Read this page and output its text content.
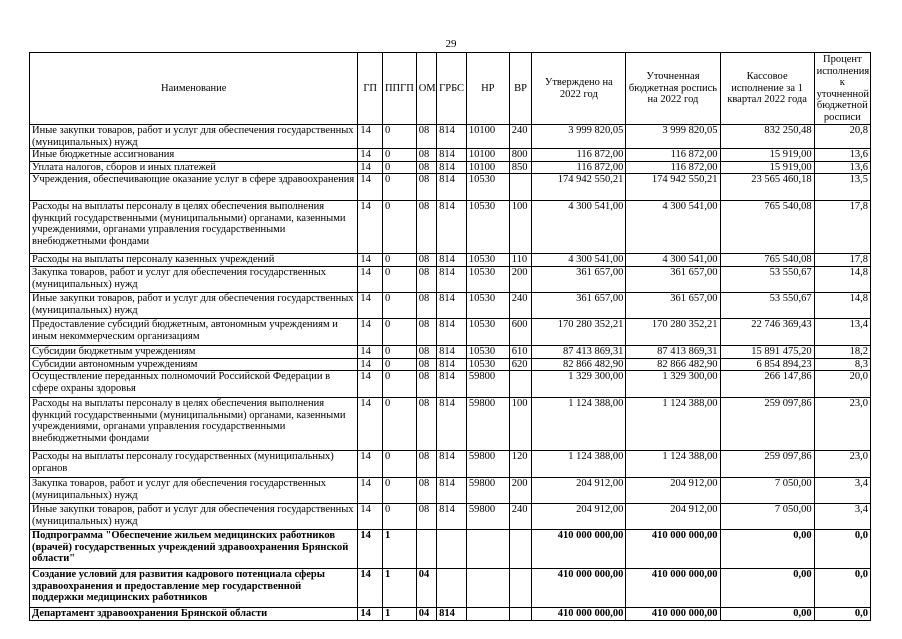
29
Наименование	ГП	ППГП	ОМ	ГРБС	НР	ВР	Утверждено на 2022 год	Уточненная бюджетная роспись на 2022 год	Кассовое исполнение за 1 квартал 2022 года	Процент исполнения к уточненной бюджетной росписи
Иные закупки товаров, работ и услуг для обеспечения государственных (муниципальных) нужд	14	0	08	814	10100	240	3 999 820,05	3 999 820,05	832 250,48	20,8
Иные бюджетные ассигнования	14	0	08	814	10100	800	116 872,00	116 872,00	15 919,00	13,6
Уплата налогов, сборов и иных платежей	14	0	08	814	10100	850	116 872,00	116 872,00	15 919,00	13,6
Учреждения, обеспечивающие оказание услуг в сфере здравоохранения	14	0	08	814	10530		174 942 550,21	174 942 550,21	23 565 460,18	13,5
Расходы на выплаты персоналу в целях обеспечения выполнения функций государственными (муниципальными) органами, казенными учреждениями, органами управления государственными внебюджетными фондами	14	0	08	814	10530	100	4 300 541,00	4 300 541,00	765 540,08	17,8
Расходы на выплаты персоналу казенных учреждений	14	0	08	814	10530	110	4 300 541,00	4 300 541,00	765 540,08	17,8
Закупка товаров, работ и услуг для обеспечения государственных (муниципальных) нужд	14	0	08	814	10530	200	361 657,00	361 657,00	53 550,67	14,8
Иные закупки товаров, работ и услуг для обеспечения государственных (муниципальных) нужд	14	0	08	814	10530	240	361 657,00	361 657,00	53 550,67	14,8
Предоставление субсидий бюджетным, автономным учреждениям и иным некоммерческим организациям	14	0	08	814	10530	600	170 280 352,21	170 280 352,21	22 746 369,43	13,4
Субсидии бюджетным учреждениям	14	0	08	814	10530	610	87 413 869,31	87 413 869,31	15 891 475,20	18,2
Субсидии автономным учреждениям	14	0	08	814	10530	620	82 866 482,90	82 866 482,90	6 854 894,23	8,3
Осуществление переданных полномочий Российской Федерации в сфере охраны здоровья	14	0	08	814	59800		1 329 300,00	1 329 300,00	266 147,86	20,0
Расходы на выплаты персоналу в целях обеспечения выполнения функций государственными (муниципальными) органами, казенными учреждениями, органами управления государственными внебюджетными фондами	14	0	08	814	59800	100	1 124 388,00	1 124 388,00	259 097,86	23,0
Расходы на выплаты персоналу государственных (муниципальных) органов	14	0	08	814	59800	120	1 124 388,00	1 124 388,00	259 097,86	23,0
Закупка товаров, работ и услуг для обеспечения государственных (муниципальных) нужд	14	0	08	814	59800	200	204 912,00	204 912,00	7 050,00	3,4
Иные закупки товаров, работ и услуг для обеспечения государственных (муниципальных) нужд	14	0	08	814	59800	240	204 912,00	204 912,00	7 050,00	3,4
Подпрограмма "Обеспечение жильем медицинских работников (врачей) государственных учреждений здравоохранения Брянской области"	14	1					410 000 000,00	410 000 000,00	0,00	0,0
Создание условий для развития кадрового потенциала сферы здравоохранения и предоставление мер государственной поддержки медицинских работников	14	1	04				410 000 000,00	410 000 000,00	0,00	0,0
Департамент здравоохранения Брянской области	14	1	04	814			410 000 000,00	410 000 000,00	0,00	0,0
